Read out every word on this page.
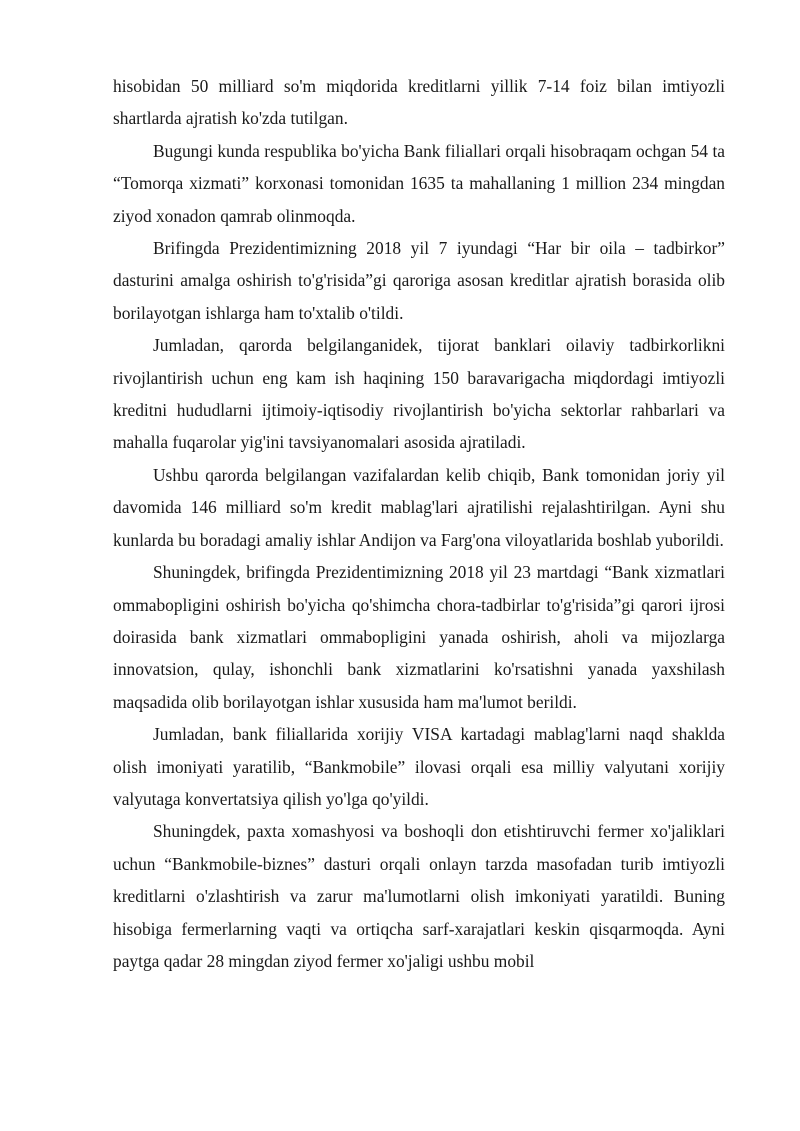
hisobidan 50 milliard so'm miqdorida kreditlarni yillik 7-14 foiz bilan imtiyozli shartlarda ajratish ko'zda tutilgan.

Bugungi kunda respublika bo'yicha Bank filiallari orqali hisobraqam ochgan 54 ta “Tomorqa xizmati” korxonasi tomonidan 1635 ta mahallaning 1 million 234 mingdan ziyod xonadon qamrab olinmoqda.

Brifingda Prezidentimizning 2018 yil 7 iyundagi “Har bir oila – tadbirkor” dasturini amalga oshirish to'g'risida”gi qaroriga asosan kreditlar ajratish borasida olib borilayotgan ishlarga ham to'xtalib o'tildi.

Jumladan, qarorda belgilanganidek, tijorat banklari oilaviy tadbirkorlikni rivojlantirish uchun eng kam ish haqining 150 baravarigacha miqdordagi imtiyozli kreditni hududlarni ijtimoiy-iqtisodiy rivojlantirish bo'yicha sektorlar rahbarlari va mahalla fuqarolar yig'ini tavsiyanomalari asosida ajratiladi.

Ushbu qarorda belgilangan vazifalardan kelib chiqib, Bank tomonidan joriy yil davomida 146 milliard so'm kredit mablag'lari ajratilishi rejalashtirilgan. Ayni shu kunlarda bu boradagi amaliy ishlar Andijon va Farg'ona viloyatlarida boshlab yuborildi.

Shuningdek, brifingda Prezidentimizning 2018 yil 23 martdagi “Bank xizmatlari ommabopligini oshirish bo'yicha qo'shimcha chora-tadbirlar to'g'risida”gi qarori ijrosi doirasida bank xizmatlari ommabopligini yanada oshirish, aholi va mijozlarga innovatsion, qulay, ishonchli bank xizmatlarini ko'rsatishni yanada yaxshilash maqsadida olib borilayotgan ishlar xususida ham ma'lumot berildi.

Jumladan, bank filiallarida xorijiy VISA kartadagi mablag'larni naqd shaklda olish imoniyati yaratilib, “Bankmobile” ilovasi orqali esa milliy valyutani xorijiy valyutaga konvertatsiya qilish yo'lga qo'yildi.

Shuningdek, paxta xomashyosi va boshoqli don etishtiruvchi fermer xo'jaliklari uchun “Bankmobile-biznes” dasturi orqali onlayn tarzda masofadan turib imtiyozli kreditlarni o'zlashtirish va zarur ma'lumotlarni olish imkoniyati yaratildi. Buning hisobiga fermerlarning vaqti va ortiqcha sarf-xarajatlari keskin qisqarmoqda. Ayni paytga qadar 28 mingdan ziyod fermer xo'jaligi ushbu mobil
